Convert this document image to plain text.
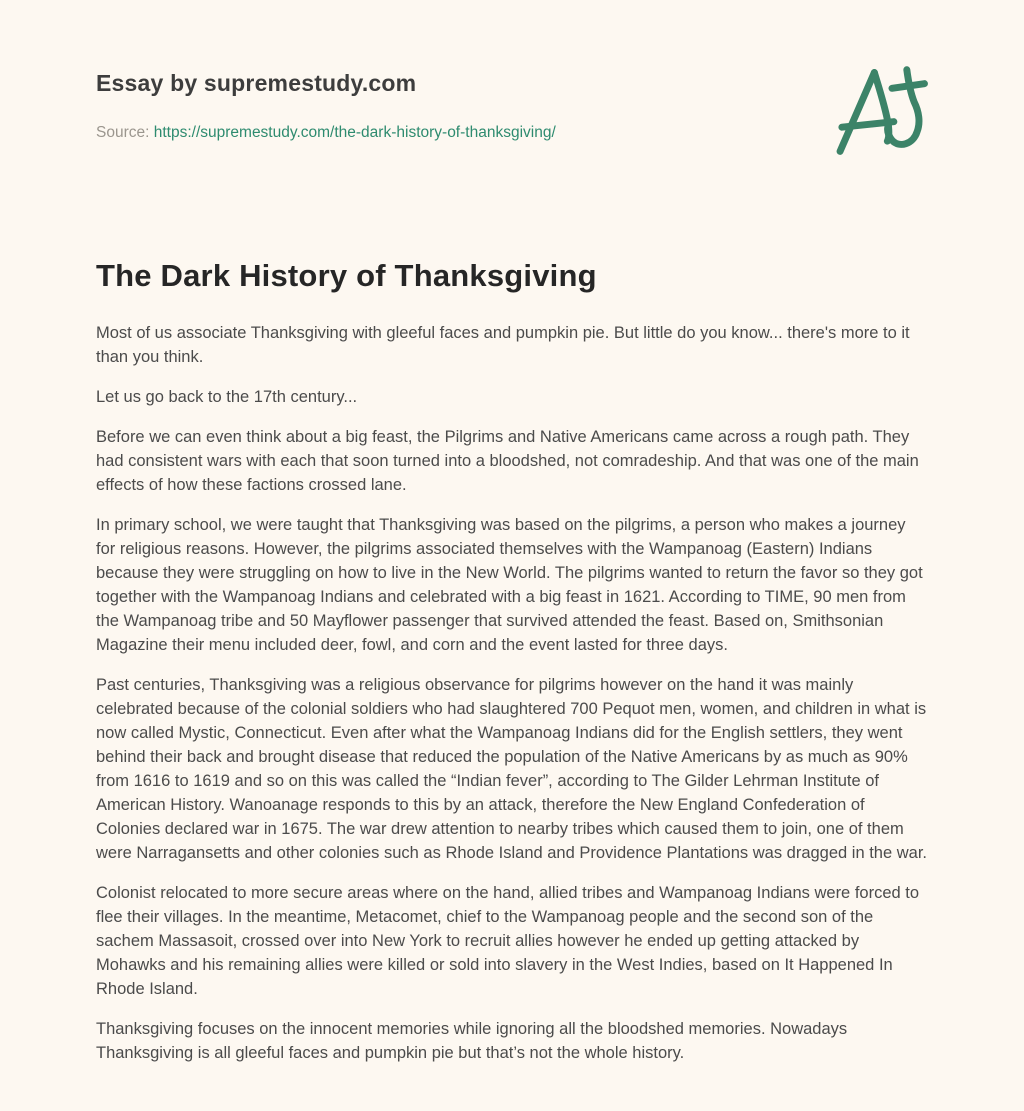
Essay by supremestudy.com

Source: https://supremestudy.com/the-dark-history-of-thanksgiving/

The Dark History of Thanksgiving

Most of us associate Thanksgiving with gleeful faces and pumpkin pie. But little do you know... there's more to it than you think.

Let us go back to the 17th century...

Before we can even think about a big feast, the Pilgrims and Native Americans came across a rough path. They had consistent wars with each that soon turned into a bloodshed, not comradeship. And that was one of the main effects of how these factions crossed lane.

In primary school, we were taught that Thanksgiving was based on the pilgrims, a person who makes a journey for religious reasons. However, the pilgrims associated themselves with the Wampanoag (Eastern) Indians because they were struggling on how to live in the New World. The pilgrims wanted to return the favor so they got together with the Wampanoag Indians and celebrated with a big feast in 1621. According to TIME, 90 men from the Wampanoag tribe and 50 Mayflower passenger that survived attended the feast. Based on, Smithsonian Magazine their menu included deer, fowl, and corn and the event lasted for three days.

Past centuries, Thanksgiving was a religious observance for pilgrims however on the hand it was mainly celebrated because of the colonial soldiers who had slaughtered 700 Pequot men, women, and children in what is now called Mystic, Connecticut. Even after what the Wampanoag Indians did for the English settlers, they went behind their back and brought disease that reduced the population of the Native Americans by as much as 90% from 1616 to 1619 and so on this was called the “Indian fever”, according to The Gilder Lehrman Institute of American History. Wanoanage responds to this by an attack, therefore the New England Confederation of Colonies declared war in 1675. The war drew attention to nearby tribes which caused them to join, one of them were Narragansetts and other colonies such as Rhode Island and Providence Plantations was dragged in the war.

Colonist relocated to more secure areas where on the hand, allied tribes and Wampanoag Indians were forced to flee their villages. In the meantime, Metacomet, chief to the Wampanoag people and the second son of the sachem Massasoit, crossed over into New York to recruit allies however he ended up getting attacked by Mohawks and his remaining allies were killed or sold into slavery in the West Indies, based on It Happened In Rhode Island.

Thanksgiving focuses on the innocent memories while ignoring all the bloodshed memories. Nowadays Thanksgiving is all gleeful faces and pumpkin pie but that’s not the whole history.
